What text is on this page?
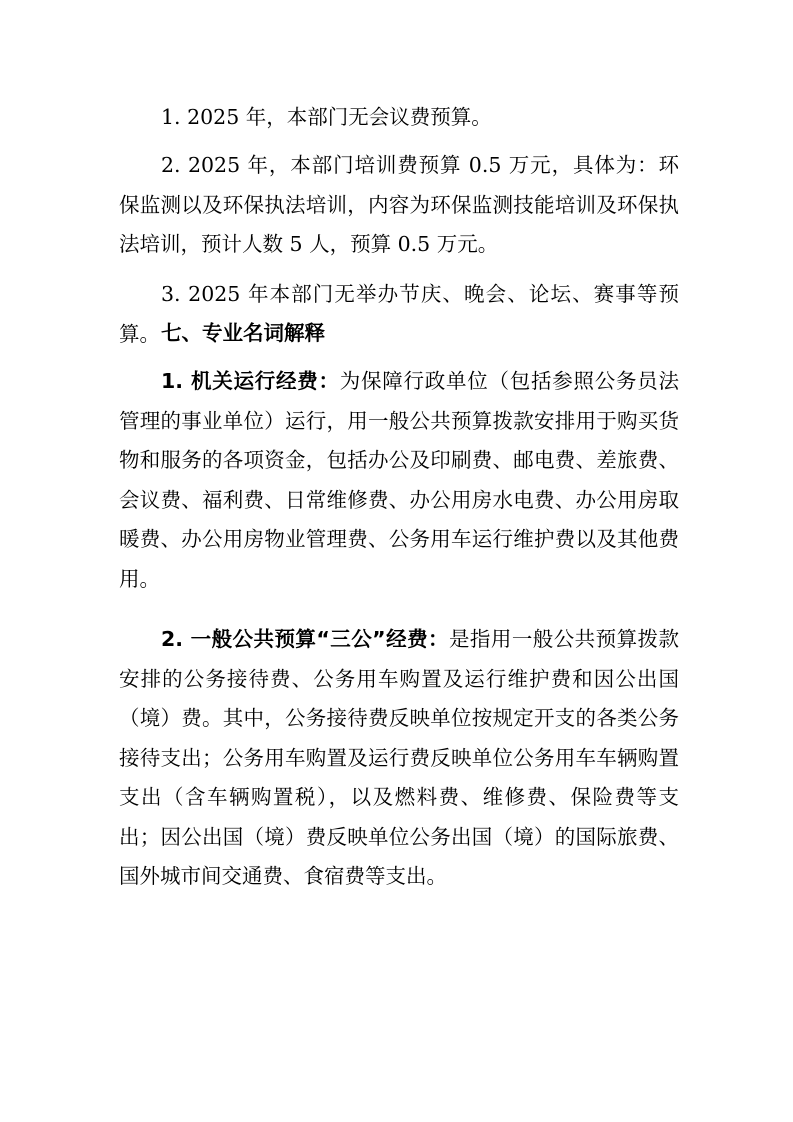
1. 2025 年，本部门无会议费预算。

2. 2025 年，本部门培训费预算 0.5 万元，具体为：环保监测以及环保执法培训，内容为环保监测技能培训及环保执法培训，预计人数 5 人，预算 0.5 万元。

3. 2025 年本部门无举办节庆、晚会、论坛、赛事等预算。 七、专业名词解释

1. 机关运行经费：为保障行政单位（包括参照公务员法管理的事业单位）运行，用一般公共预算拨款安排用于购买货物和服务的各项资金，包括办公及印刷费、邮电费、差旅费、会议费、福利费、日常维修费、办公用房水电费、办公用房取暖费、办公用房物业管理费、公务用车运行维护费以及其他费用。

2. 一般公共预算“三公”经费：是指用一般公共预算拨款安排的公务接待费、公务用车购置及运行维护费和因公出国（境）费。其中，公务接待费反映单位按规定开支的各类公务接待支出；公务用车购置及运行费反映单位公务用车车辆购置支出（含车辆购置税），以及燃料费、维修费、保险费等支出；因公出国（境）费反映单位公务出国（境）的国际旅费、国外城市间交通费、食宿费等支出。
